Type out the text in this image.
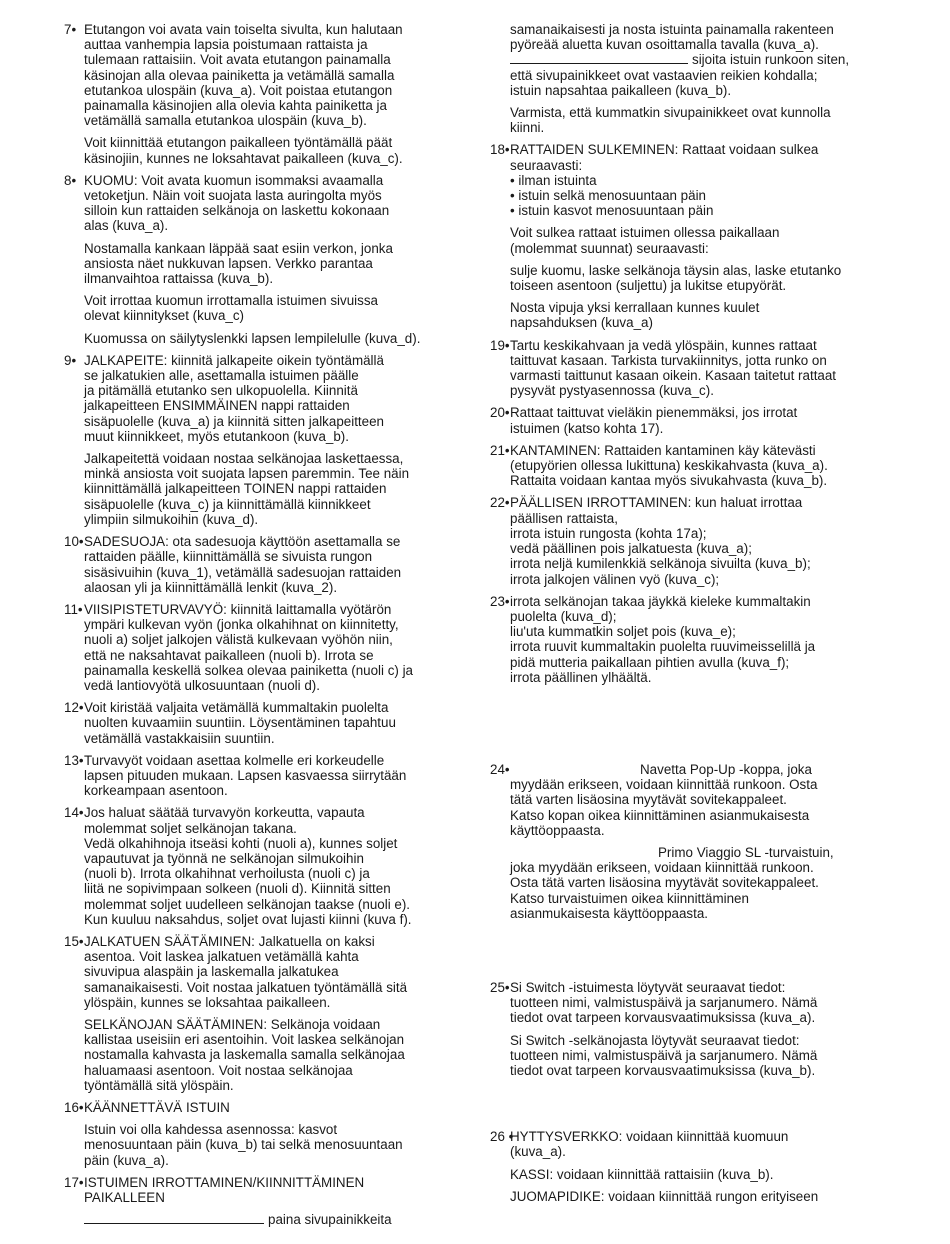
7• Etutangon voi avata vain toiselta sivulta, kun halutaan
auttaa vanhempia lapsia poistumaan rattaista ja
tulemaan rattaisiin. Voit avata etutangon painamalla
käsinojan alla olevaa painiketta ja vetämällä samalla
etutankoa ulospäin (kuva_a). Voit poistaa etutangon
painamalla käsinojien alla olevia kahta painiketta ja
vetämällä samalla etutankoa ulospäin (kuva_b).
Voit kiinnittää etutangon paikalleen työntämällä päät
käsinojiin, kunnes ne loksahtavat paikalleen (kuva_c).
8• KUOMU: Voit avata kuomun isommaksi avaamalla
vetoketjun. Näin voit suojata lasta auringolta myös
silloin kun rattaiden selkänoja on laskettu kokonaan
alas (kuva_a).
Nostamalla kankaan läppää saat esiin verkon, jonka
ansiosta näet nukkuvan lapsen. Verkko parantaa
ilmanvaihtoa rattaissa (kuva_b).
Voit irrottaa kuomun irrottamalla istuimen sivuissa
olevat kiinnitykset (kuva_c)
Kuomussa on säilytyslenkki lapsen lempilelulle (kuva_d).
9• JALKAPEITE: kiinnitä jalkapeite oikein työntämällä
se jalkatukien alle, asettamalla istuimen päälle
ja pitämällä etutanko sen ulkopuolella. Kiinnitä
jalkapeitteen ENSIMMÄINEN nappi rattaiden
sisäpuolelle (kuva_a) ja kiinnitä sitten jalkapeitteen
muut kiinnikkeet, myös etutankoon (kuva_b).
Jalkapeitettä voidaan nostaa selkänojaa laskettaessa,
minkä ansiosta voit suojata lapsen paremmin. Tee näin
kiinnittämällä jalkapeitteen TOINEN nappi rattaiden
sisäpuolelle (kuva_c) ja kiinnittämällä kiinnikkeet
ylimpiin silmukoihin (kuva_d).
10• SADESUOJA: ota sadesuoja käyttöön asettamalla se
rattaiden päälle, kiinnittämällä se sivuista rungon
sisäsivuihin (kuva_1), vetämällä sadesuojan rattaiden
alaosan yli ja kiinnittämällä lenkit (kuva_2).
11• VIISIPISTETURVAVYÖ: kiinnitä laittamalla vyötärön
ympäri kulkevan vyön (jonka olkahihnat on kiinnitetty,
nuoli a) soljet jalkojen välistä kulkevaan vyöhön niin,
että ne naksahtavat paikalleen (nuoli b). Irrota se
painamalla keskellä solkea olevaa painiketta (nuoli c) ja
vedä lantiovyötä ulkosuuntaan (nuoli d).
12• Voit kiristää valjaita vetämällä kummaltakin puolelta
nuolten kuvaamiin suuntiin. Löysentäminen tapahtuu
vetämällä vastakkaisiin suuntiin.
13• Turvavyöt voidaan asettaa kolmelle eri korkeudelle
lapsen pituuden mukaan. Lapsen kasvaessa siirrytään
korkeampaan asentoon.
14• Jos haluat säätää turvavyön korkeutta, vapauta
molemmat soljet selkänojan takana.
Vedä olkahihnoja itseäsi kohti (nuoli a), kunnes soljet
vapautuvat ja työnnä ne selkänojan silmukoihin
(nuoli b). Irrota olkahihnat verhoilusta (nuoli c) ja
liitä ne sopivimpaan solkeen (nuoli d). Kiinnitä sitten
molemmat soljet uudelleen selkänojan taakse (nuoli e).
Kun kuuluu naksahdus, soljet ovat lujasti kiinni (kuva f).
15• JALKATUEN SÄÄTÄMINEN: Jalkatuella on kaksi
asentoa. Voit laskea jalkatuen vetämällä kahta
sivuvipua alaspäin ja laskemalla jalkatukea
samanaikaisesti. Voit nostaa jalkatuen työntämällä sitä
ylöspäin, kunnes se loksahtaa paikalleen.
SELKÄNOJAN SÄÄTÄMINEN: Selkänoja voidaan
kallistaa useisiin eri asentoihin. Voit laskea selkänojan
nostamalla kahvasta ja laskemalla samalla selkänojaa
haluamaasi asentoon. Voit nostaa selkänojaa
työntämällä sitä ylöspäin.
16• KÄÄNNETTÄVÄ ISTUIN
Istuin voi olla kahdessa asennossa: kasvot
menosuuntaan päin (kuva_b) tai selkä menosuuntaan
päin (kuva_a).
17• ISTUIMEN IRROTTAMINEN/KIINNITTÄMINEN
PAIKALLEEN
paina sivupainikkeita
samanaikaisesti ja nosta istuinta painamalla rakenteen
pyöreää aluetta kuvan osoittamalla tavalla (kuva_a).
sijoita istuin runkoon siten,
että sivupainikkeet ovat vastaavien reikien kohdalla;
istuin napsahtaa paikalleen (kuva_b).
Varmista, että kummatkin sivupainikkeet ovat kunnolla
kiinni.
18• RATTAIDEN SULKEMINEN: Rattaat voidaan sulkea
seuraavasti:
• ilman istuinta
• istuin selkä menosuuntaan päin
• istuin kasvot menosuuntaan päin
Voit sulkea rattaat istuimen ollessa paikallaan
(molemmat suunnat) seuraavasti:
sulje kuomu, laske selkänoja täysin alas, laske etutanko
toiseen asentoon (suljettu) ja lukitse etupyörät.
Nosta vipuja yksi kerrallaan kunnes kuulet
napsahduksen (kuva_a)
19• Tartu keskikahvaan ja vedä ylöspäin, kunnes rattaat
taittuvat kasaan. Tarkista turvakiinnitys, jotta runko on
varmasti taittunut kasaan oikein. Kasaan taitetut rattaat
pysyvät pystyasennossa (kuva_c).
20• Rattaat taittuvat vieläkin pienemmäksi, jos irrotat
istuimen (katso kohta 17).
21• KANTAMINEN: Rattaiden kantaminen käy kätevästi
(etupyörien ollessa lukittuna) keskikahvasta (kuva_a).
Rattaita voidaan kantaa myös sivukahvasta (kuva_b).
22• PÄÄLLISEN IRROTTAMINEN: kun haluat irrottaa
päällisen rattaista,
irrota istuin rungosta (kohta 17a);
vedä päällinen pois jalkatuesta (kuva_a);
irrota neljä kumilenkkiä selkänoja sivuilta (kuva_b);
irrota jalkojen välinen vyö (kuva_c);
23• irrota selkänojan takaa jäykkä kieleke kummaltakin
puolelta (kuva_d);
liu'uta kummatkin soljet pois (kuva_e);
irrota ruuvit kummaltakin puolelta ruuvimeisselillä ja
pidä mutteria paikallaan pihtien avulla (kuva_f);
irrota päällinen ylhäältä.
24•	Navetta Pop-Up -koppa, joka
myydään erikseen, voidaan kiinnittää runkoon. Osta
tätä varten lisäosina myytävät sovitekappaleet.
Katso kopan oikea kiinnittäminen asianmukaisesta
käyttöoppaasta.
Primo Viaggio SL -turvaistuin,
joka myydään erikseen, voidaan kiinnittää runkoon.
Osta tätä varten lisäosina myytävät sovitekappaleet.
Katso turvaistuimen oikea kiinnittäminen
asianmukaisesta käyttöoppaasta.
25• Si Switch -istuimesta löytyvät seuraavat tiedot:
tuotteen nimi, valmistuspäivä ja sarjanumero. Nämä
tiedot ovat tarpeen korvausvaatimuksissa (kuva_a).
Si Switch -selkänojasta löytyvät seuraavat tiedot:
tuotteen nimi, valmistuspäivä ja sarjanumero. Nämä
tiedot ovat tarpeen korvausvaatimuksissa (kuva_b).
26 •
HYTTYSVERKKO: voidaan kiinnittää kuomuun
(kuva_a).
KASSI: voidaan kiinnittää rattaisiin (kuva_b).
JUOMAPIDIKE: voidaan kiinnittää rungon erityiseen
